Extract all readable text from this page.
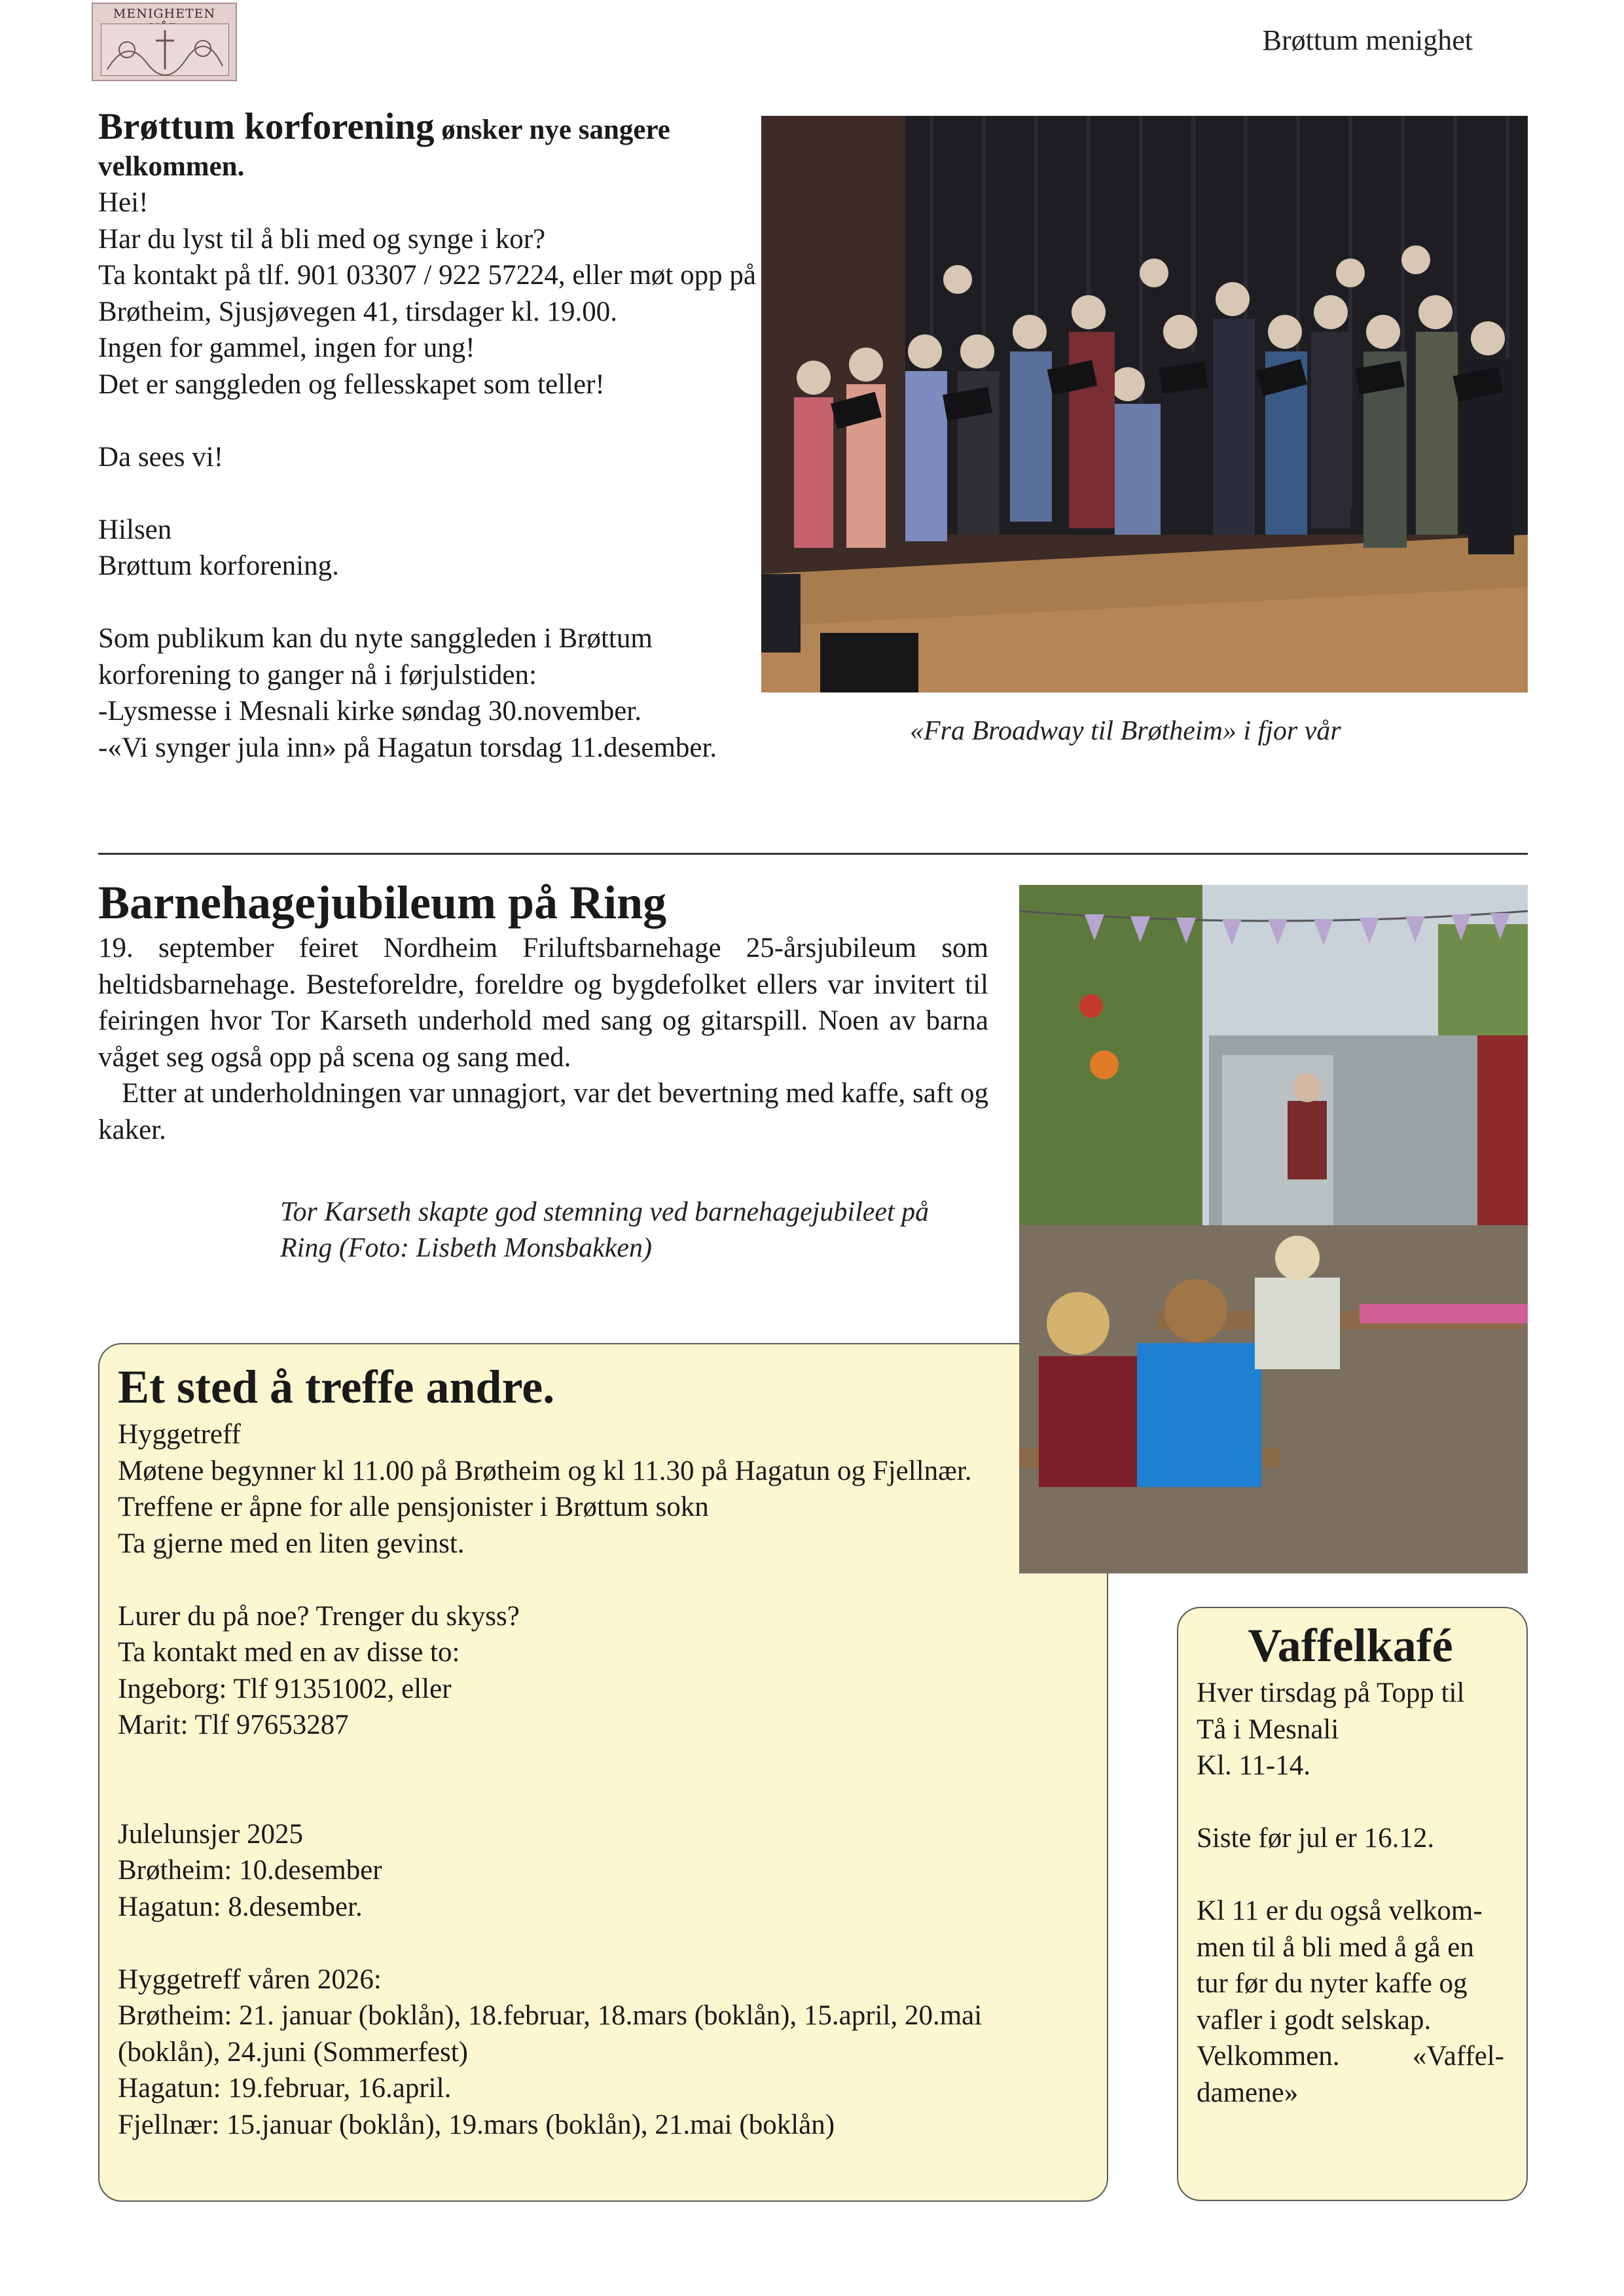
MENIGHETEN
Brøttum menighet
Brøttum korforening ønsker nye sangere velkommen.
Hei!
Har du lyst til å bli med og synge i kor?
Ta kontakt på tlf. 901 03307 / 922 57224, eller møt opp på
Brøtheim, Sjusjøvegen 41, tirsdager kl. 19.00.
Ingen for gammel, ingen for ung!
Det er sanggleden og fellesskapet som teller!
Da sees vi!
Hilsen
Brøttum korforening.
Som publikum kan du nyte sanggleden i Brøttum korforening to ganger nå i førjulstiden:
-Lysmesse i Mesnali kirke søndag 30.november.
-«Vi synger jula inn» på Hagatun torsdag 11.desember.
«Fra Broadway til Brøtheim» i fjor vår
Barnehagejubileum på Ring

19. september feiret Nordheim Friluftsbarnehage 25-årsjubileum som heltidsbarnehage. Besteforeldre, foreldre og bygdefolket ellers var invitert til feiringen hvor Tor Karseth underhold med sang og gitarspill. Noen av barna våget seg også opp på scena og sang med.

Etter at underholdningen var unnagjort, var det bevertning med kaffe, saft og kaker.

Tor Karseth skapte god stemning ved barnehagejubileet på
Ring (Foto: Lisbeth Monsbakken)
Et sted å treffe andre.
Hyggetreff
Møtene begynner kl 11.00 på Brøtheim og kl 11.30 på Hagatun og Fjellnær.
Treffene er åpne for alle pensjonister i Brøttum sokn
Ta gjerne med en liten gevinst.
Lurer du på noe? Trenger du skyss?
Ta kontakt med en av disse to:
Ingeborg: Tlf 91351002, eller
Marit: Tlf 97653287
Julelunsjer 2025
Brøtheim: 10.desember
Hagatun: 8.desember.
Hyggetreff våren 2026:
Brøtheim: 21. januar (boklån), 18.februar, 18.mars (boklån), 15.april, 20.mai (boklån), 24.juni (Sommerfest)
Hagatun: 19.februar, 16.april.
Fjellnær: 15.januar (boklån), 19.mars (boklån), 21.mai (boklån)
Vaffelkafé
Hver tirsdag på Topp til
Tå i Mesnali
Kl. 11-14.
Siste før jul er 16.12.
Kl 11 er du også velkom-
men til å bli med å gå en
tur før du nyter kaffe og
vafler i godt selskap.
Velkommen.	«Vaffel-
damene»
